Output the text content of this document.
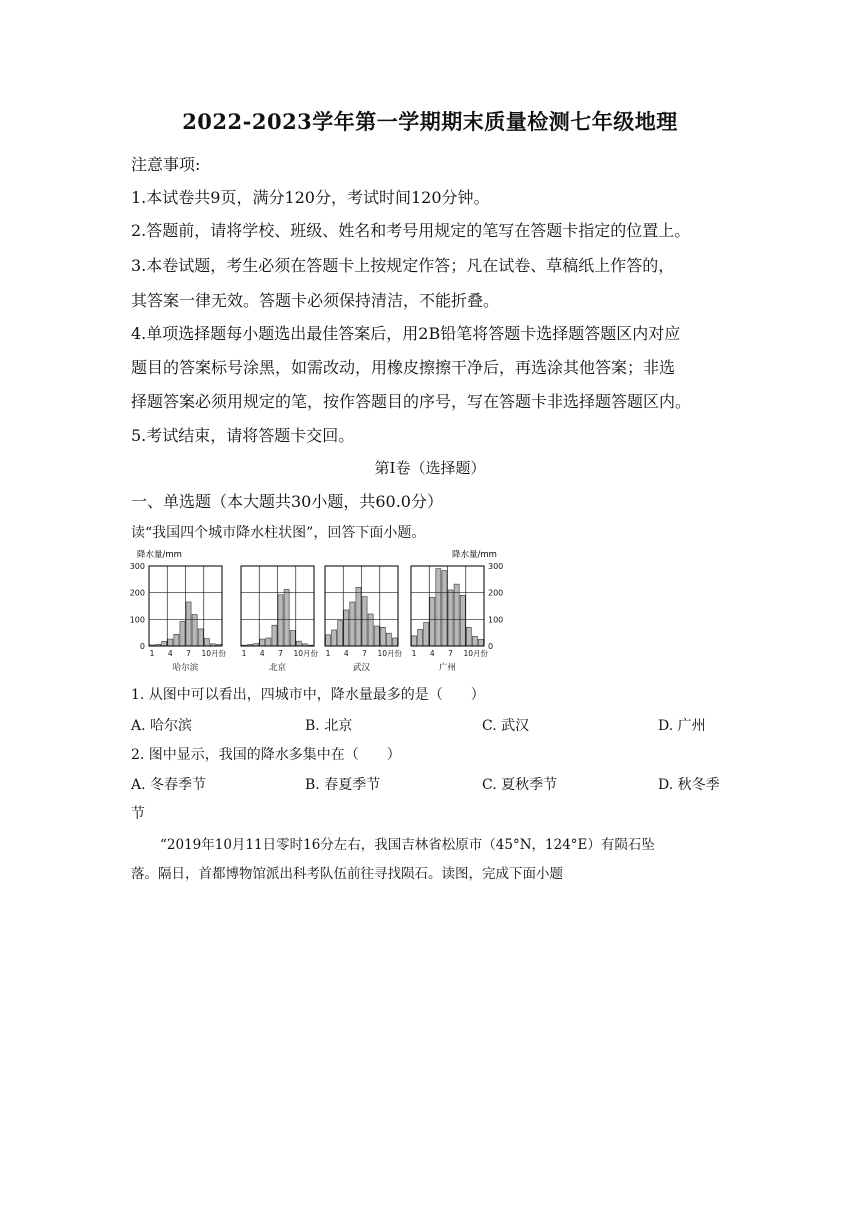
2022-2023学年第一学期期末质量检测七年级地理
注意事项:
1.本试卷共9页，满分120分，考试时间120分钟。
2.答题前，请将学校、班级、姓名和考号用规定的笔写在答题卡指定的位置上。
3.本卷试题，考生必须在答题卡上按规定作答；凡在试卷、草稿纸上作答的，
其答案一律无效。答题卡必须保持清洁，不能折叠。
4.单项选择题每小题选出最佳答案后，用2B铅笔将答题卡选择题答题区内对应
题目的答案标号涂黑，如需改动，用橡皮擦擦干净后，再选涂其他答案；非选
择题答案必须用规定的笔，按作答题目的序号，写在答题卡非选择题答题区内。
5.考试结束，请将答题卡交回。
第I卷（选择题）
一、单选题（本大题共30小题，共60.0分）
读“我国四个城市降水柱状图”，回答下面小题。
降水量/mm	降水量/mm
0
100
200
300
0
100
200
300
1 4 7 10月份
哈尔滨
1 4 7 10月份
北京
1 4 7 10月份
武汉
1 4 7 10月份
广州
1. 从图中可以看出，四城市中，降水量最多的是（　　）
A. 哈尔滨	B. 北京	C. 武汉	D. 广州
2. 图中显示，我国的降水多集中在（　　）
A. 冬春季节	B. 春夏季节	C. 夏秋季节	D. 秋冬季
节
“2019年10月11日零时16分左右，我国吉林省松原市（45°N，124°E）有陨石坠
落。隔日，首都博物馆派出科考队伍前往寻找陨石。读图，完成下面小题
